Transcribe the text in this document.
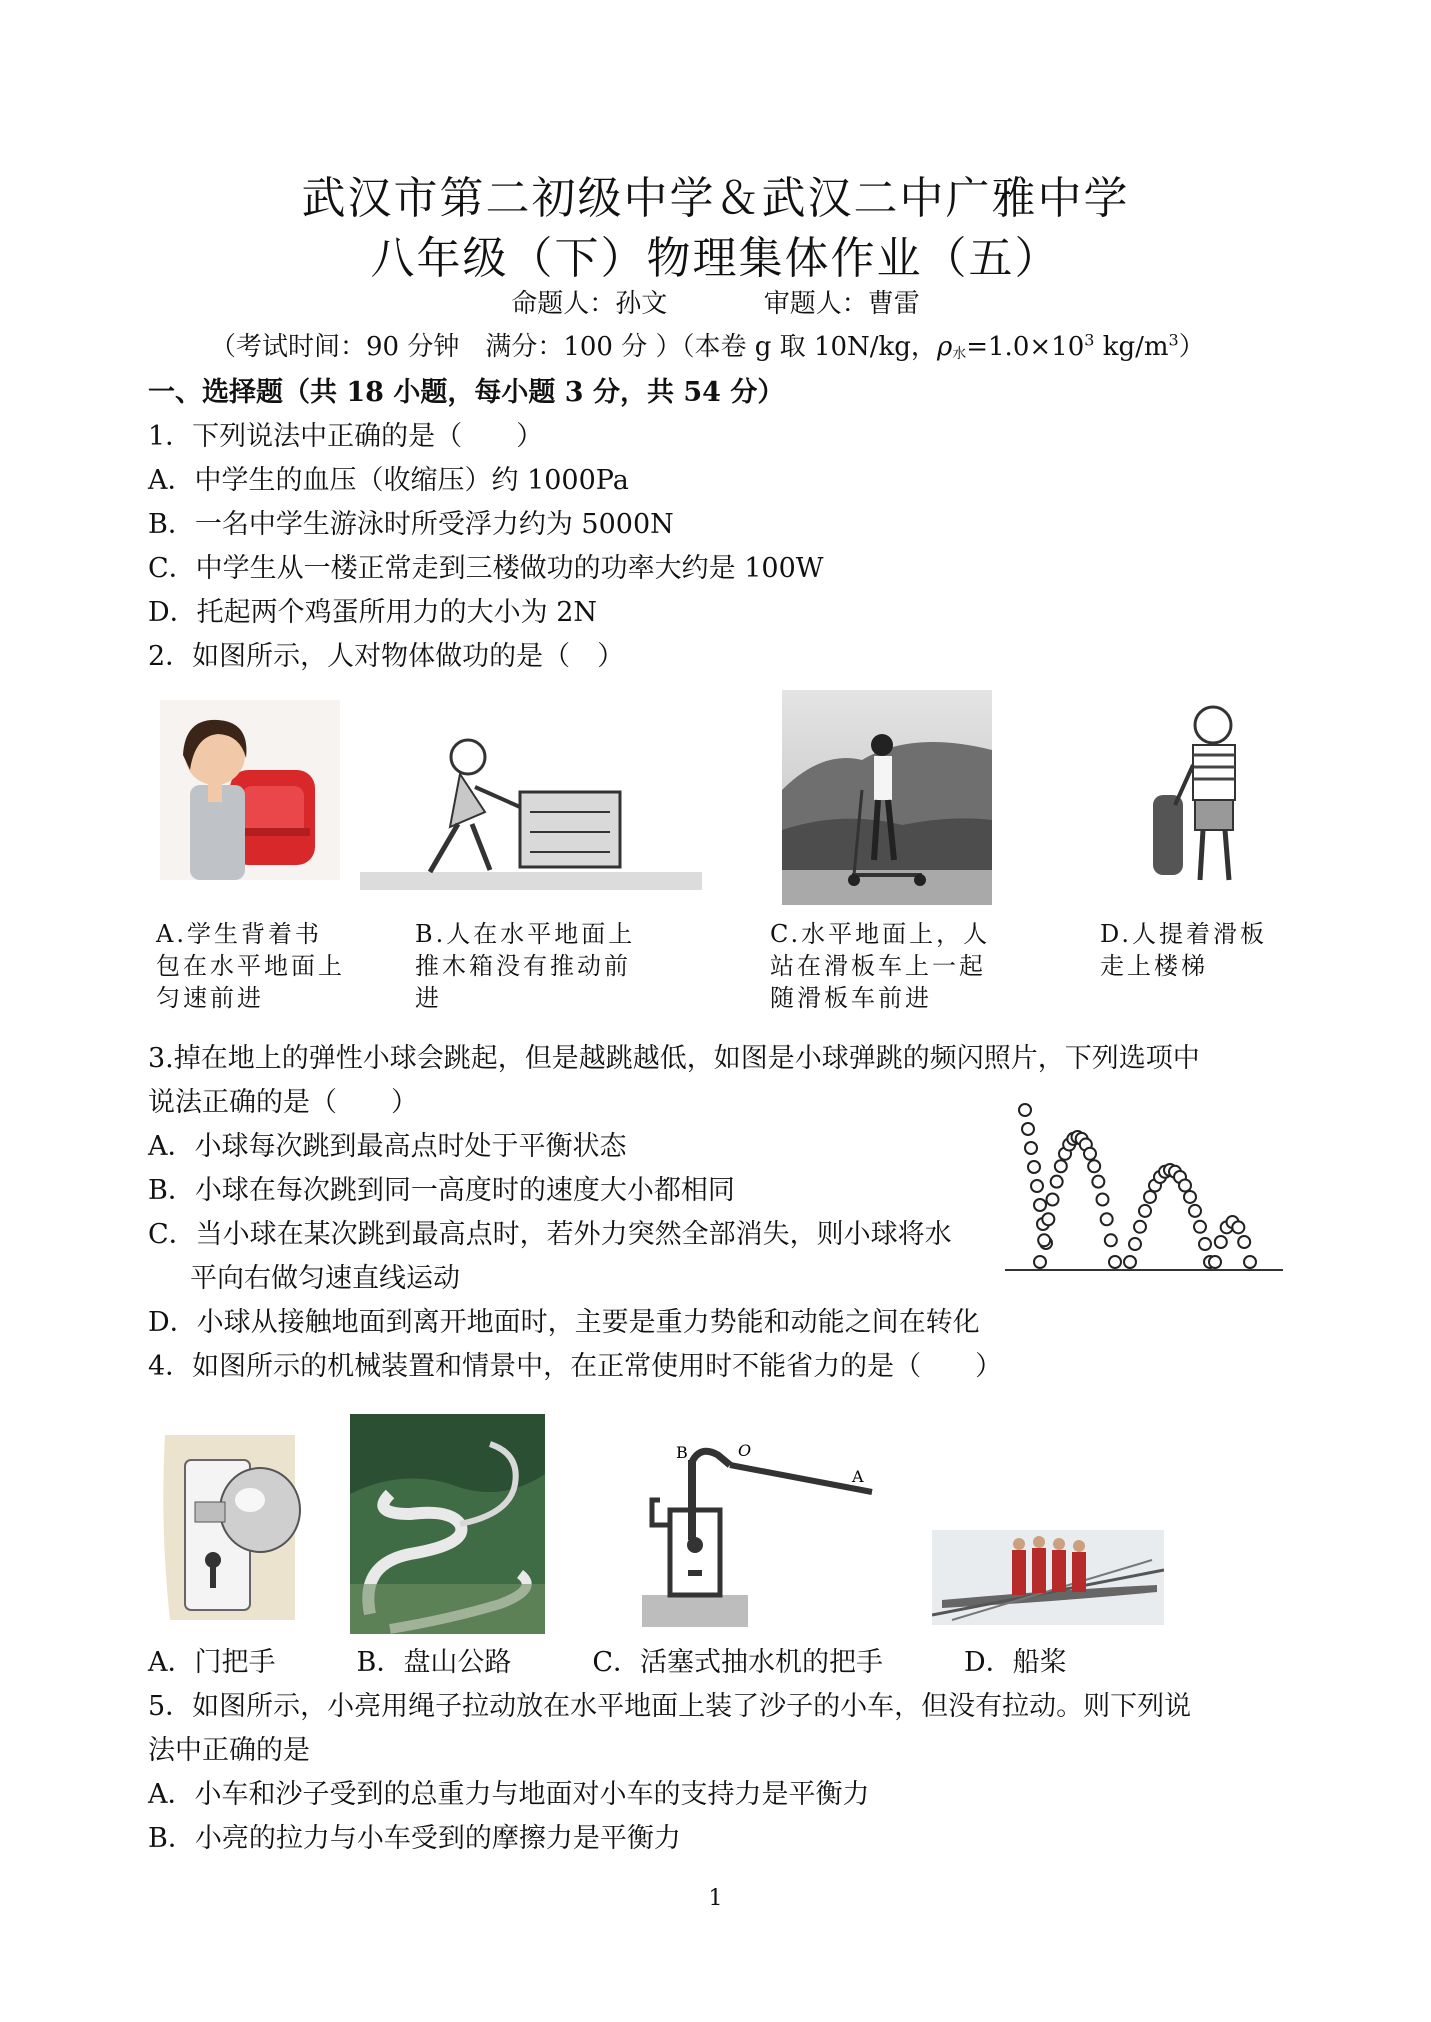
武汉市第二初级中学＆武汉二中广雅中学
八年级（下）物理集体作业（五）
命题人：孙文	审题人：曹雷
（考试时间：90 分钟　满分：100 分 ）（本卷 g 取 10N/kg，ρ水$=1.0\times 10^3$ $kg/m^3$）
一、选择题（共 18 小题，每小题 3 分，共 54 分）
1．下列说法中正确的是（　　）
A．中学生的血压（收缩压）约 1000Pa
B．一名中学生游泳时所受浮力约为 5000N
C．中学生从一楼正常走到三楼做功的功率大约是 100W
D．托起两个鸡蛋所用力的大小为 2N
2．如图所示，人对物体做功的是（　）
A.学生背着书包在水平地面上匀速前进
B.人在水平地面上推木箱没有推动前进
C.水平地面上，人站在滑板车上一起随滑板车前进
D.人提着滑板走上楼梯
3.掉在地上的弹性小球会跳起，但是越跳越低，如图是小球弹跳的频闪照片，下列选项中
说法正确的是（　　）
A．小球每次跳到最高点时处于平衡状态
B．小球在每次跳到同一高度时的速度大小都相同
C．当小球在某次跳到最高点时，若外力突然全部消失，则小球将水
平向右做匀速直线运动
D．小球从接触地面到离开地面时，主要是重力势能和动能之间在转化
4．如图所示的机械装置和情景中，在正常使用时不能省力的是（　　）
B	O
A
A．门把手　　　B．盘山公路　　　C．活塞式抽水机的把手　　　D．船桨
5．如图所示，小亮用绳子拉动放在水平地面上装了沙子的小车，但没有拉动。则下列说
法中正确的是
A．小车和沙子受到的总重力与地面对小车的支持力是平衡力
B．小亮的拉力与小车受到的摩擦力是平衡力
1
